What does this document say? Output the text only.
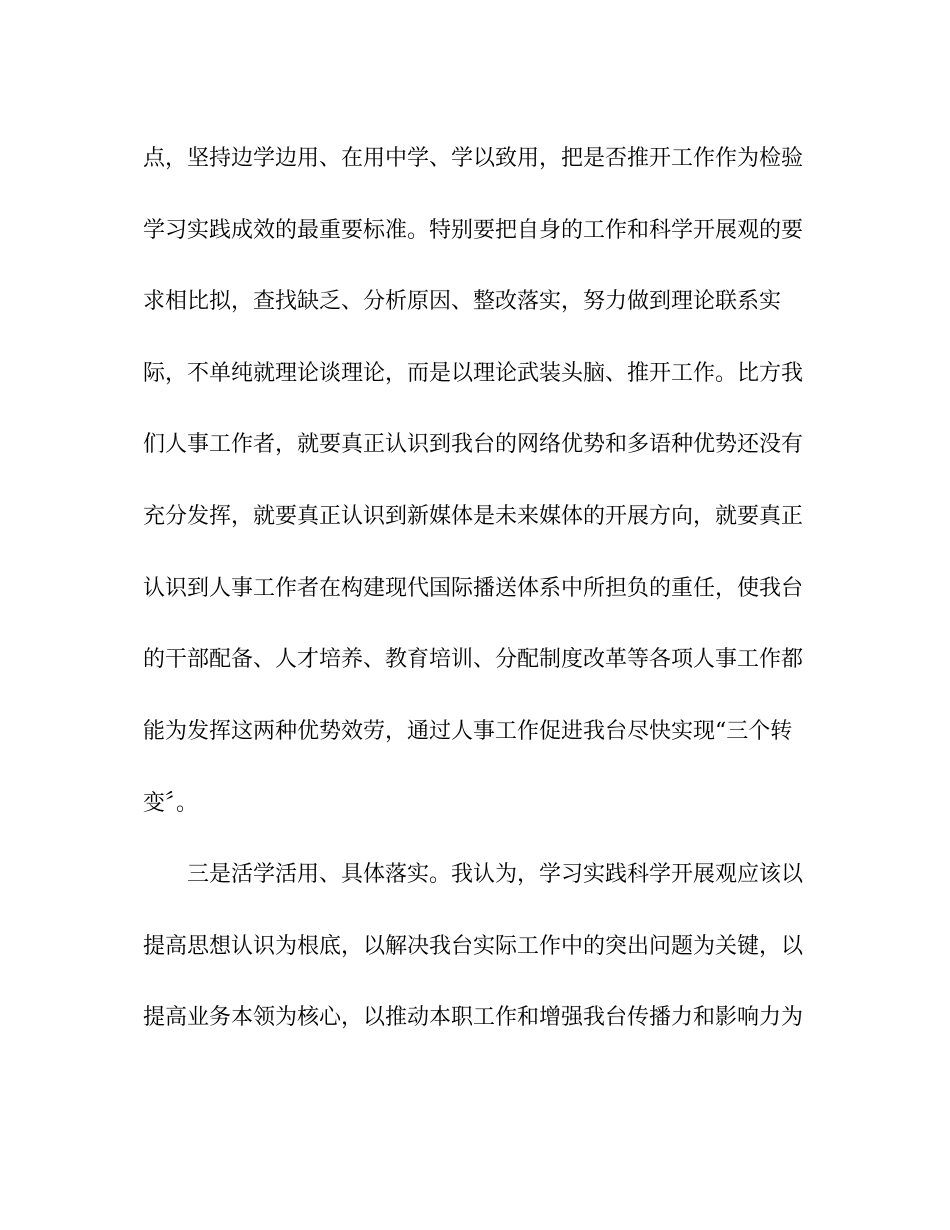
点，坚持边学边用、在用中学、学以致用，把是否推开工作作为检验
学习实践成效的最重要标准。特别要把自身的工作和科学开展观的要
求相比拟，查找缺乏、分析原因、整改落实，努力做到理论联系实
际，不单纯就理论谈理论，而是以理论武装头脑、推开工作。比方我
们人事工作者，就要真正认识到我台的网络优势和多语种优势还没有
充分发挥，就要真正认识到新媒体是未来媒体的开展方向，就要真正
认识到人事工作者在构建现代国际播送体系中所担负的重任，使我台
的干部配备、人才培养、教育培训、分配制度改革等各项人事工作都
能为发挥这两种优势效劳，通过人事工作促进我台尽快实现“三个转
变〞。
三是活学活用、具体落实。我认为，学习实践科学开展观应该以
提高思想认识为根底，以解决我台实际工作中的突出问题为关键，以
提高业务本领为核心，以推动本职工作和增强我台传播力和影响力为
